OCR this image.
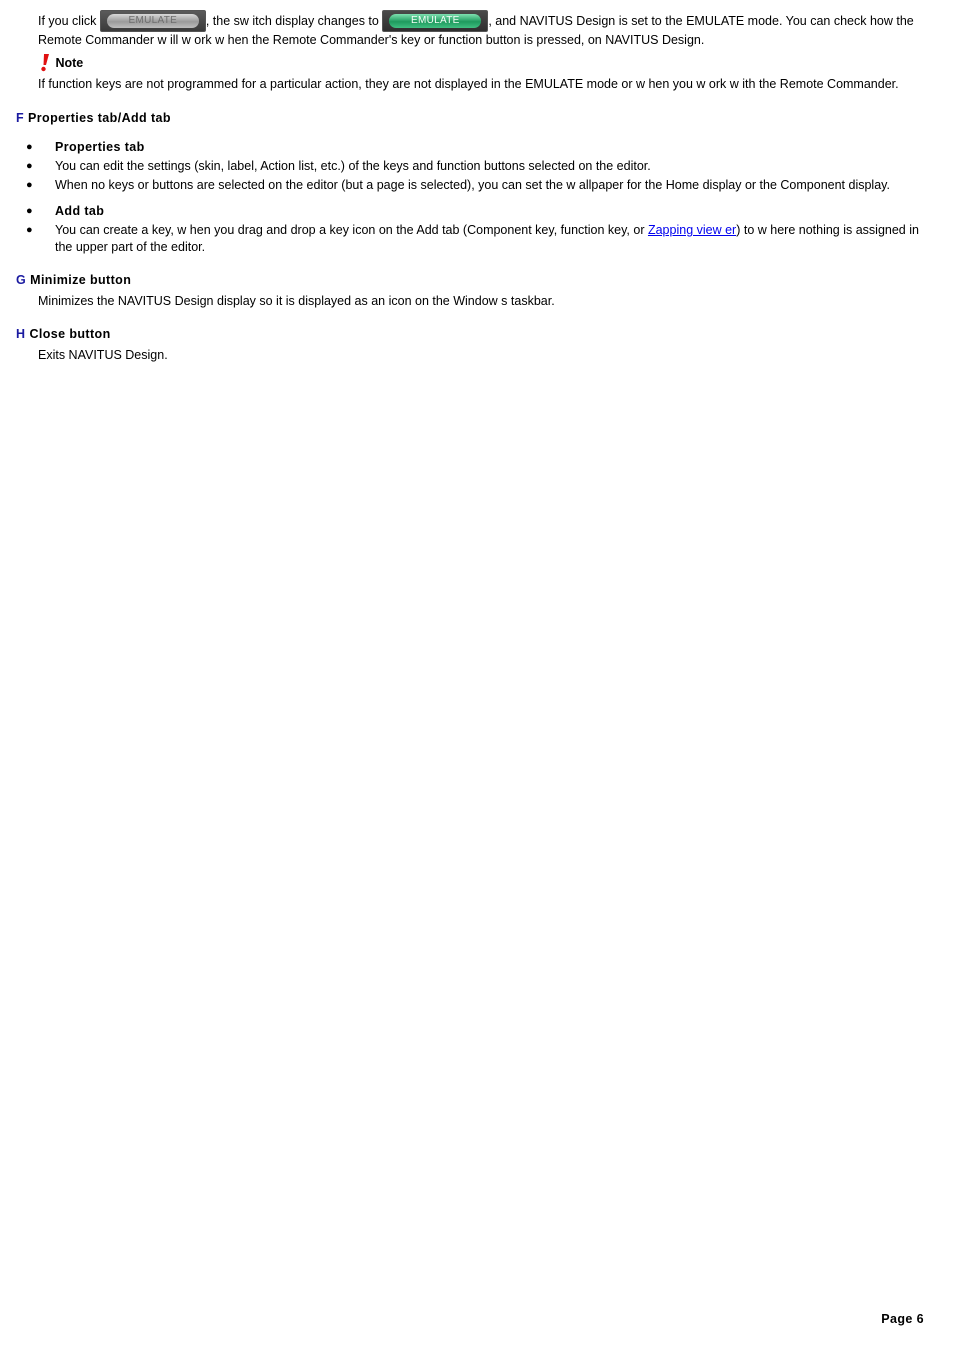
If you click	EMULATE	, the sw itch display changes to	EMULATE	, and NAVITUS Design is set to the EMULATE mode. You can check how the Remote Commander w ill w ork w hen the Remote Commander's key or function button is pressed, on NAVITUS Design.
Note
If function keys are not programmed for a particular action, they are not displayed in the EMULATE mode or w hen you w ork w ith the Remote Commander.
F Properties tab/Add tab
● Properties tab
● You can edit the settings (skin, label, Action list, etc.) of the keys and function buttons selected on the editor.
● When no keys or buttons are selected on the editor (but a page is selected), you can set the w allpaper for the Home display or the Component display.
● Add tab
● You can create a key, w hen you drag and drop a key icon on the Add tab (Component key, function key, or Zapping view er) to w here nothing is assigned in the upper part of the editor.
G Minimize button
Minimizes the NAVITUS Design display so it is displayed as an icon on the Window s taskbar.
H Close button
Exits NAVITUS Design.
Page 6
